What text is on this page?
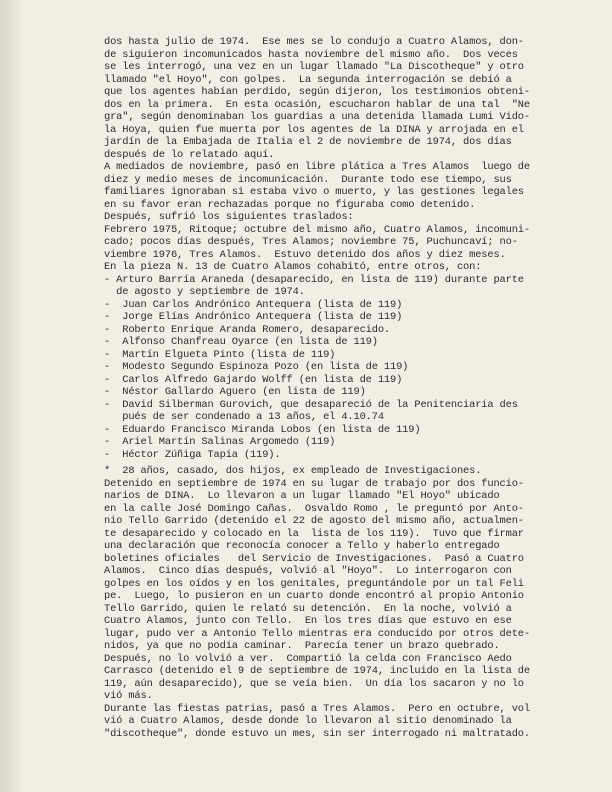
dos hasta julio de 1974.  Ese mes se lo condujo a Cuatro Alamos, don-
de siguieron incomunicados hasta noviembre del mismo año.  Dos veces
se les interrogó, una vez en un lugar llamado "La Discotheque" y otro
llamado "el Hoyo", con golpes.  La segunda interrogación se debió a
que los agentes habían perdido, según dijeron, los testimonios obteni-
dos en la primera.  En esta ocasión, escucharon hablar de una tal  "Ne
gra", según denominaban los guardias a una detenida llamada Lumi Vido-
la Hoya, quien fue muerta por los agentes de la DINA y arrojada en el
jardín de la Embajada de Italia el 2 de noviembre de 1974, dos días
después de lo relatado aquí.
A mediados de noviembre, pasó en libre plática a Tres Alamos  luego de
diez y medio meses de incomunicación.  Durante todo ese tiempo, sus
familiares ignoraban si estaba vivo o muerto, y las gestiones legales
en su favor eran rechazadas porque no figuraba como detenido.
Después, sufrió los siguientes traslados:
Febrero 1975, Ritoque; octubre del mismo año, Cuatro Alamos, incomuni-
cado; pocos días después, Tres Alamos; noviembre 75, Puchuncaví; no-
viembre 1976, Tres Alamos.  Estuvo detenido dos años y diez meses.
En la pieza N. 13 de Cuatro Alamos cohabitó, entre otros, con:
- Arturo Barría Araneda (desaparecido, en lista de 119) durante parte
de agosto y septiembre de 1974.
-  Juan Carlos Andrónico Antequera (lista de 119)
-  Jorge Elías Andrónico Antequera (lista de 119)
-  Roberto Enrique Aranda Romero, desaparecido.
-  Alfonso Chanfreau Oyarce (en lista de 119)
-  Martín Elgueta Pinto (lista de 119)
-  Modesto Segundo Espinoza Pozo (en lista de 119)
-  Carlos Alfredo Gajardo Wolff (en lista de 119)
-  Néstor Gallardo Aguero (en lista de 119)
-  David Silberman Gurovich, que desapareció de la Penitenciaría des
pués de ser condenado a 13 años, el 4.10.74
-  Eduardo Francisco Miranda Lobos (en lista de 119)
-  Ariel Martín Salinas Argomedo (119)
-  Héctor Zúñiga Tapia (119).
*  28 años, casado, dos hijos, ex empleado de Investigaciones.
Detenido en septiembre de 1974 en su lugar de trabajo por dos funcio-
narios de DINA.  Lo llevaron a un lugar llamado "El Hoyo" ubicado
en la calle José Domingo Cañas.  Osvaldo Romo , le preguntó por Anto-
nio Tello Garrido (detenido el 22 de agosto del mismo año, actualmen-
te desaparecido y colocado en la  lista de los 119).  Tuvo que firmar
una declaración que reconocía conocer a Tello y haberlo entregado
boletines oficiales   del Servicio de Investigaciones.  Pasó a Cuatro
Alamos.  Cinco días después, volvió al "Hoyo".  Lo interrogaron con
golpes en los oídos y en los genitales, preguntándole por un tal Feli
pe.  Luego, lo pusieron en un cuarto donde encontró al propio Antonio
Tello Garrido, quien le relató su detención.  En la noche, volvió a
Cuatro Alamos, junto con Tello.  En los tres días que estuvo en ese
lugar, pudo ver a Antonio Tello mientras era conducido por otros dete-
nidos, ya que no podía caminar.  Parecía tener un brazo quebrado.
Después, no lo volvió a ver.  Compartió la celda con Francisco Aedo
Carrasco (detenido el 9 de septiembre de 1974, incluido en la lista de
119, aún desaparecido), que se veía bien.  Un día los sacaron y no lo
vió más.
Durante las fiestas patrias, pasó a Tres Alamos.  Pero en octubre, vol
vió a Cuatro Alamos, desde donde lo llevaron al sitio denominado la
"discotheque", donde estuvo un mes, sin ser interrogado ni maltratado.
